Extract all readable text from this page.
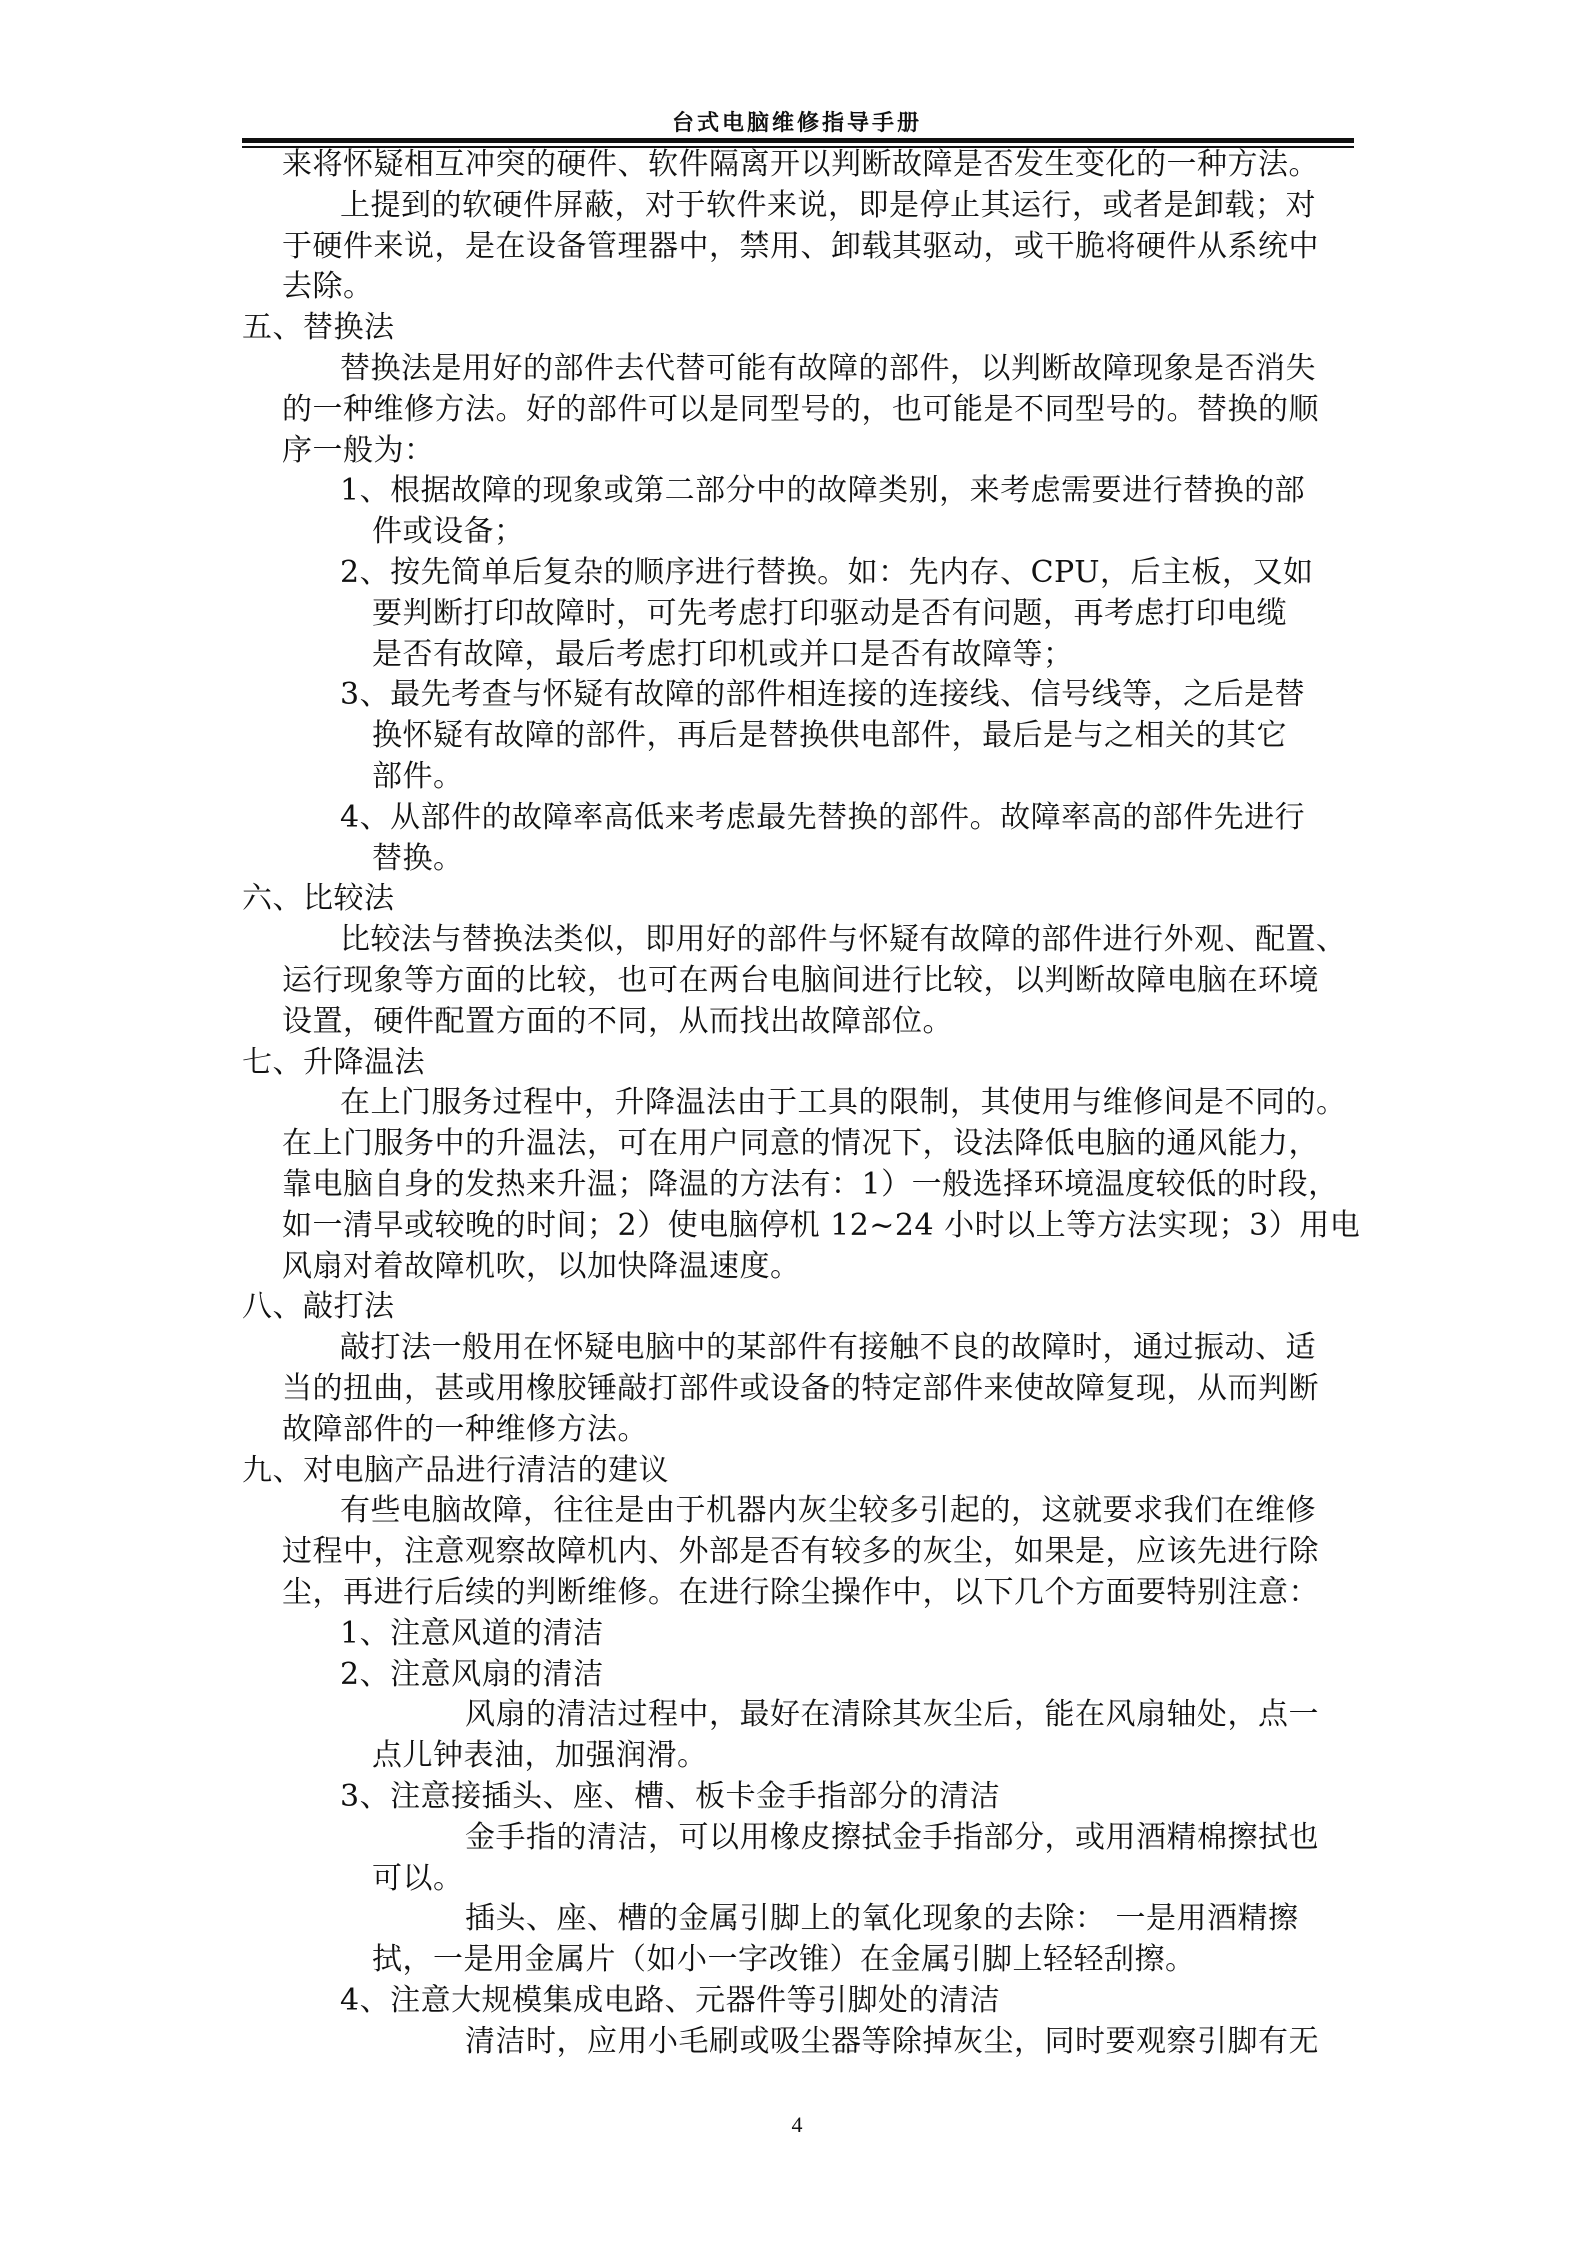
台式电脑维修指导手册
来将怀疑相互冲突的硬件、软件隔离开以判断故障是否发生变化的一种方法。
上提到的软硬件屏蔽，对于软件来说，即是停止其运行，或者是卸载；对
于硬件来说，是在设备管理器中，禁用、卸载其驱动，或干脆将硬件从系统中
去除。
五、替换法
替换法是用好的部件去代替可能有故障的部件，以判断故障现象是否消失
的一种维修方法。好的部件可以是同型号的，也可能是不同型号的。替换的顺
序一般为：
1、根据故障的现象或第二部分中的故障类别，来考虑需要进行替换的部
件或设备；
2、按先简单后复杂的顺序进行替换。如：先内存、CPU，后主板，又如
要判断打印故障时，可先考虑打印驱动是否有问题，再考虑打印电缆
是否有故障，最后考虑打印机或并口是否有故障等；
3、最先考查与怀疑有故障的部件相连接的连接线、信号线等，之后是替
换怀疑有故障的部件，再后是替换供电部件，最后是与之相关的其它
部件。
4、从部件的故障率高低来考虑最先替换的部件。故障率高的部件先进行
替换。
六、比较法
比较法与替换法类似，即用好的部件与怀疑有故障的部件进行外观、配置、
运行现象等方面的比较，也可在两台电脑间进行比较，以判断故障电脑在环境
设置，硬件配置方面的不同，从而找出故障部位。
七、升降温法
在上门服务过程中，升降温法由于工具的限制，其使用与维修间是不同的。
在上门服务中的升温法，可在用户同意的情况下，设法降低电脑的通风能力，
靠电脑自身的发热来升温；降温的方法有：1）一般选择环境温度较低的时段，
如一清早或较晚的时间；2）使电脑停机 12~24 小时以上等方法实现；3）用电
风扇对着故障机吹，以加快降温速度。
八、敲打法
敲打法一般用在怀疑电脑中的某部件有接触不良的故障时，通过振动、适
当的扭曲，甚或用橡胶锤敲打部件或设备的特定部件来使故障复现，从而判断
故障部件的一种维修方法。
九、对电脑产品进行清洁的建议
有些电脑故障，往往是由于机器内灰尘较多引起的，这就要求我们在维修
过程中，注意观察故障机内、外部是否有较多的灰尘，如果是，应该先进行除
尘，再进行后续的判断维修。在进行除尘操作中，以下几个方面要特别注意：
1、注意风道的清洁
2、注意风扇的清洁
风扇的清洁过程中，最好在清除其灰尘后，能在风扇轴处，点一
点儿钟表油，加强润滑。
3、注意接插头、座、槽、板卡金手指部分的清洁
金手指的清洁，可以用橡皮擦拭金手指部分，或用酒精棉擦拭也
可以。
插头、座、槽的金属引脚上的氧化现象的去除： 一是用酒精擦
拭，一是用金属片（如小一字改锥）在金属引脚上轻轻刮擦。
4、注意大规模集成电路、元器件等引脚处的清洁
清洁时，应用小毛刷或吸尘器等除掉灰尘，同时要观察引脚有无
4
